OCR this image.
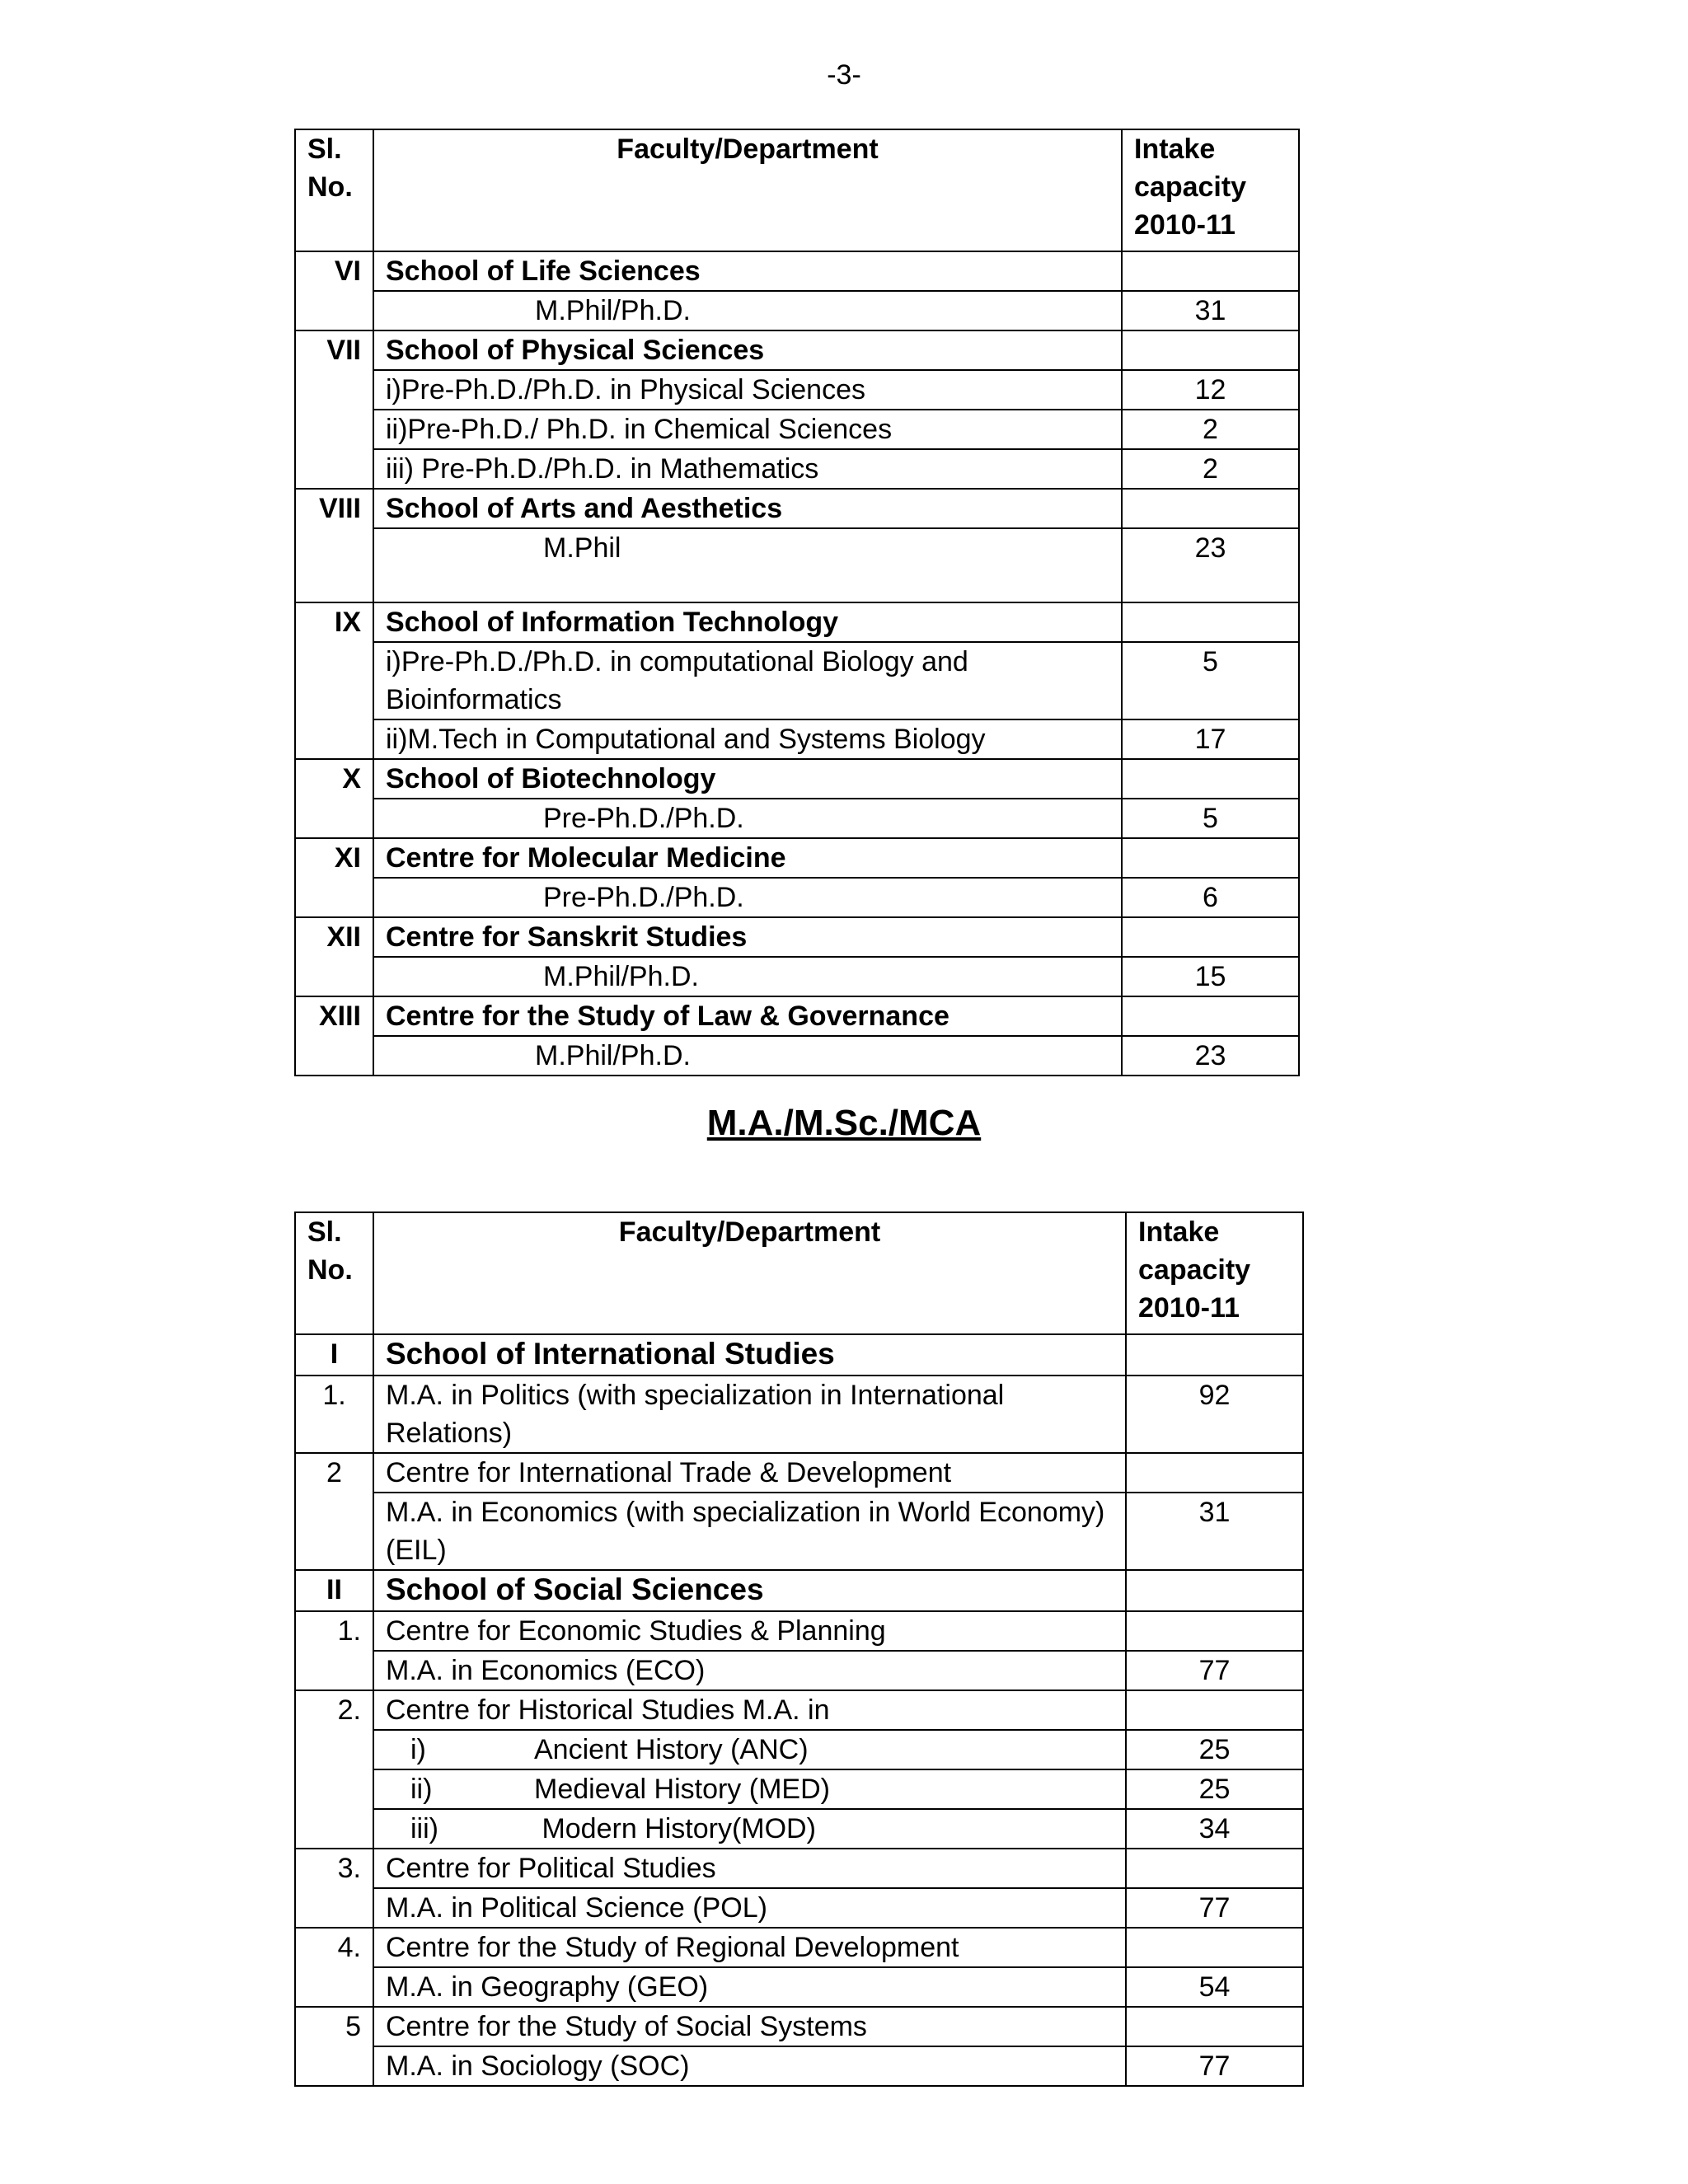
-3-
Sl.
No.	Faculty/Department	Intake
capacity
2010-11
VI	School of Life Sciences	
	M.Phil/Ph.D.	31
VII	School of Physical Sciences	
	i)Pre-Ph.D./Ph.D. in Physical Sciences	12
	ii)Pre-Ph.D./ Ph.D. in Chemical Sciences	2
	iii) Pre-Ph.D./Ph.D. in Mathematics	2
VIII	School of Arts and Aesthetics	
	M.Phil	23
IX	School of Information Technology	
	i)Pre-Ph.D./Ph.D. in computational Biology and Bioinformatics	5
	ii)M.Tech in Computational and Systems Biology	17
X	School of Biotechnology	
	Pre-Ph.D./Ph.D.	5
XI	Centre for Molecular Medicine	
	Pre-Ph.D./Ph.D.	6
XII	Centre for Sanskrit Studies	
	M.Phil/Ph.D.	15
XIII	Centre for the Study of Law & Governance	
	M.Phil/Ph.D.	23
M.A./M.Sc./MCA
Sl.
No.	Faculty/Department	Intake
capacity
2010-11
I	School of International Studies	
1.	M.A. in Politics (with specialization in International Relations)	92
2	Centre for International Trade & Development	
	M.A. in Economics (with specialization in World Economy) (EIL)	31
II	School of Social Sciences	
1.	Centre for Economic Studies & Planning	
	M.A. in Economics (ECO)	77
2.	Centre for Historical Studies M.A. in	
	i) Ancient History (ANC)	25
	ii) Medieval History (MED)	25
	iii) Modern History(MOD)	34
3.	Centre for Political Studies	
	M.A. in Political Science (POL)	77
4.	Centre for the Study of Regional Development	
	M.A. in Geography (GEO)	54
5	Centre for the Study of Social Systems	
	M.A. in Sociology (SOC)	77
